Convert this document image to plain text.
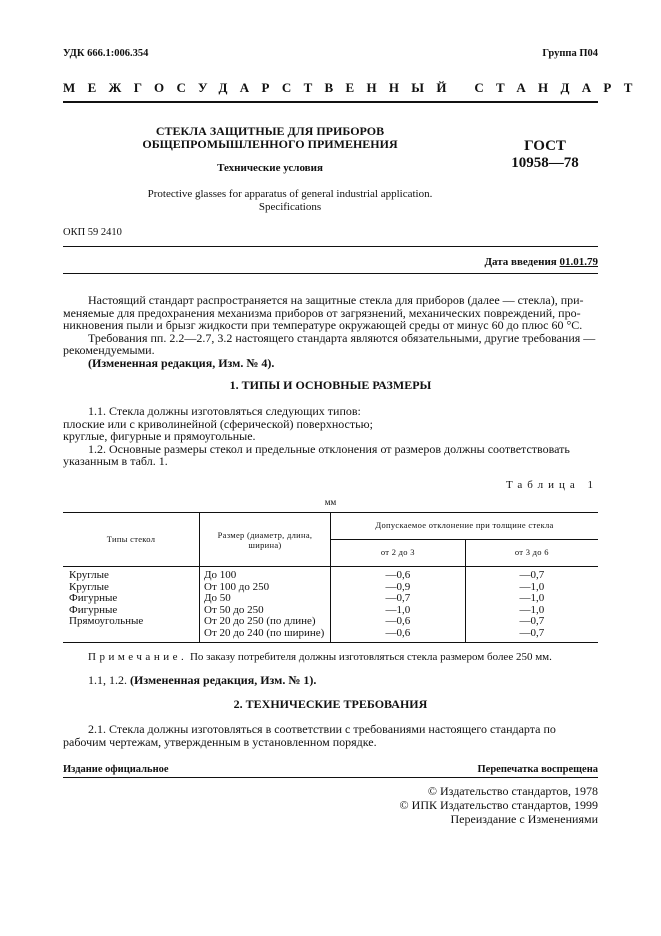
УДК 666.1:006.354	Группа П04
МЕЖГОСУДАРСТВЕННЫЙ СТАНДАРТ
СТЕКЛА ЗАЩИТНЫЕ ДЛЯ ПРИБОРОВ
ОБЩЕПРОМЫШЛЕННОГО ПРИМЕНЕНИЯ
Технические условия
Protective glasses for apparatus of general industrial application.
Specifications
ГОСТ
10958—78
ОКП 59 2410
Дата введения 01.01.79
Настоящий стандарт распространяется на защитные стекла для приборов (далее — стекла), при-
меняемые для предохранения механизма приборов от загрязнений, механических повреждений, про-
никновения пыли и брызг жидкости при температуре окружающей среды от минус 60 до плюс 60 °С.
Требования пп. 2.2—2.7, 3.2 настоящего стандарта являются обязательными, другие требования —
рекомендуемыми.
(Измененная редакция, Изм. № 4).
1. ТИПЫ И ОСНОВНЫЕ РАЗМЕРЫ
1.1. Стекла должны изготовляться следующих типов:
плоские или с криволинейной (сферической) поверхностью;
круглые, фигурные и прямоугольные.
1.2. Основные размеры стекол и предельные отклонения от размеров должны соответствовать
указанным в табл. 1.
Таблица 1
мм
Типы стекол	Размер (диаметр, длина, ширина)	Допускаемое отклонение при толщине стекла	
		от 2 до 3	от 3 до 6
Круглые	До 100	—0,6	—0,7
Круглые	От 100 до 250	—0,9	—1,0
Фигурные	До 50	—0,7	—1,0
Фигурные	От 50 до 250	—1,0	—1,0
Прямоугольные	От 20 до 250 (по длине)	—0,6	—0,7
	От 20 до 240 (по ширине)	—0,6	—0,7
Примечание. По заказу потребителя должны изготовляться стекла размером более 250 мм.
1.1, 1.2. (Измененная редакция, Изм. № 1).
2. ТЕХНИЧЕСКИЕ ТРЕБОВАНИЯ
2.1. Стекла должны изготовляться в соответствии с требованиями настоящего стандарта по
рабочим чертежам, утвержденным в установленном порядке.
Издание официальное	Перепечатка воспрещена
© Издательство стандартов, 1978
© ИПК Издательство стандартов, 1999
Переиздание с Изменениями
